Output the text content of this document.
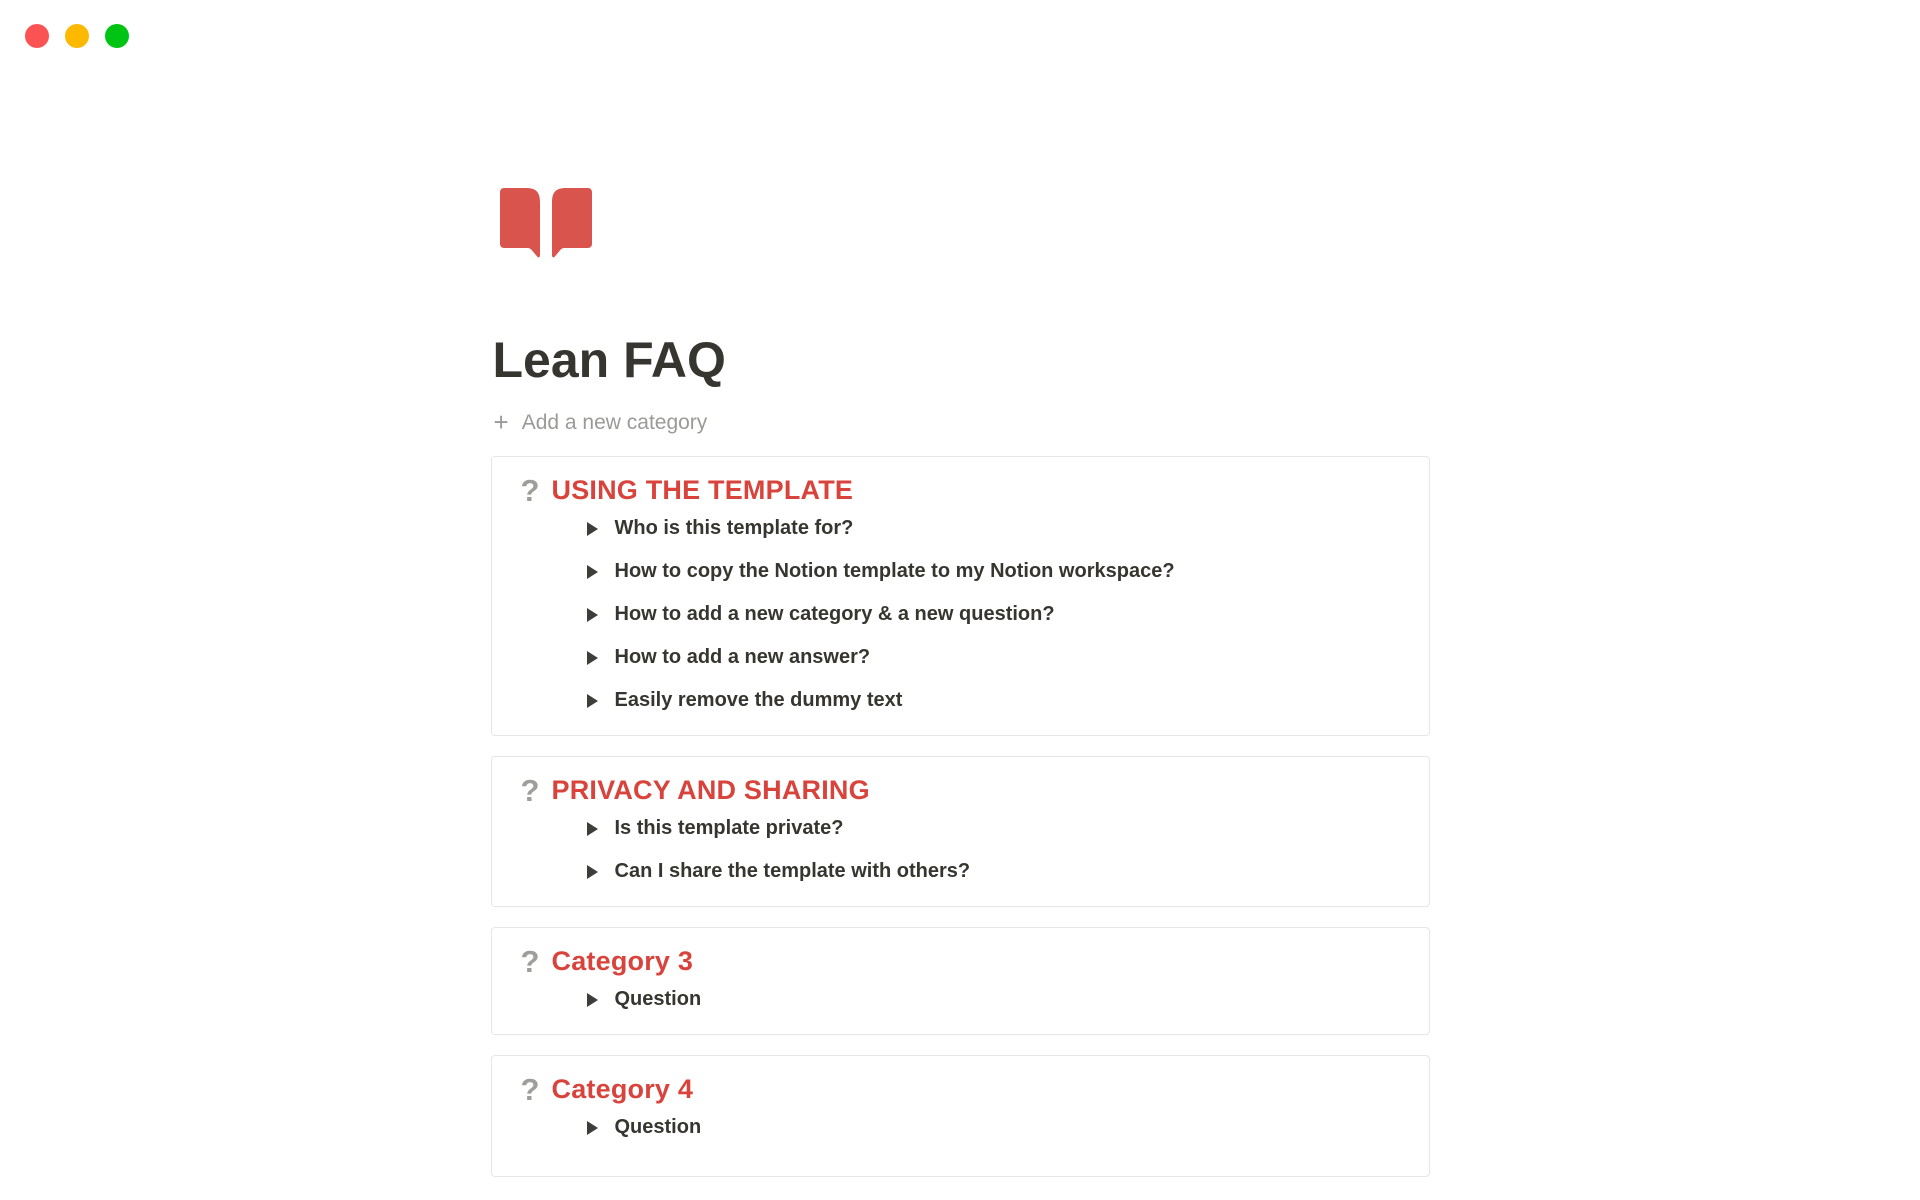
Lean FAQ
+ Add a new category
? USING THE TEMPLATE
Who is this template for?
How to copy the Notion template to my Notion workspace?
How to add a new category & a new question?
How to add a new answer?
Easily remove the dummy text
? PRIVACY AND SHARING
Is this template private?
Can I share the template with others?
? Category 3
Question
? Category 4
Question
